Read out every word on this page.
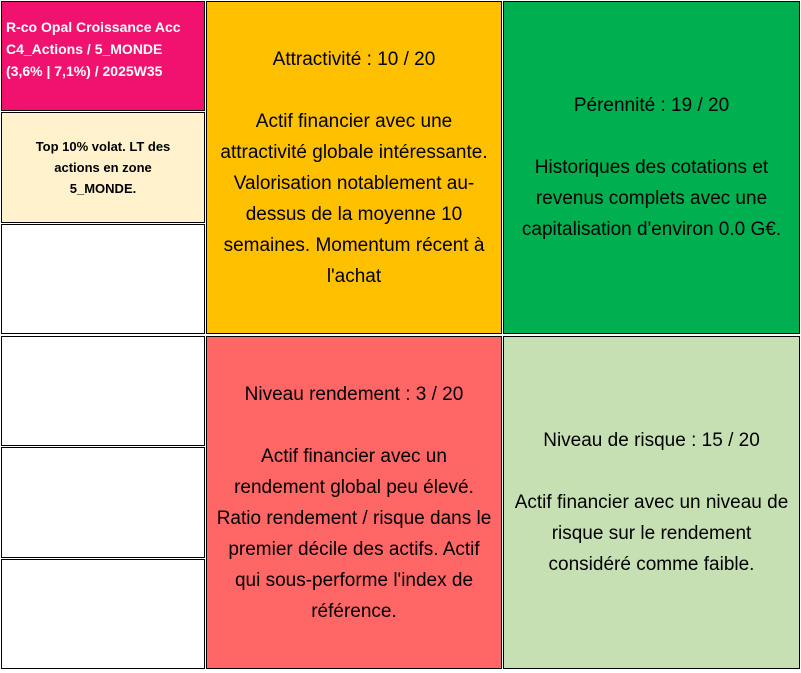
R-co Opal Croissance Acc
C4_Actions / 5_MONDE
(3,6% | 7,1%) / 2025W35
Top 10% volat. LT des actions en zone 5_MONDE.
Attractivité : 10 / 20
Actif financier avec une
attractivité globale intéressante.
Valorisation notablement au-
dessus de la moyenne 10
semaines. Momentum récent à
l'achat
Pérennité : 19 / 20
Historiques des cotations et
revenus complets avec une
capitalisation d'environ 0.0 G€.
Niveau rendement : 3 / 20
Actif financier avec un
rendement global peu élevé.
Ratio rendement / risque dans le
premier décile des actifs. Actif
qui sous-performe l'index de
référence.
Niveau de risque : 15 / 20
Actif financier avec un niveau de
risque sur le rendement
considéré comme faible.
